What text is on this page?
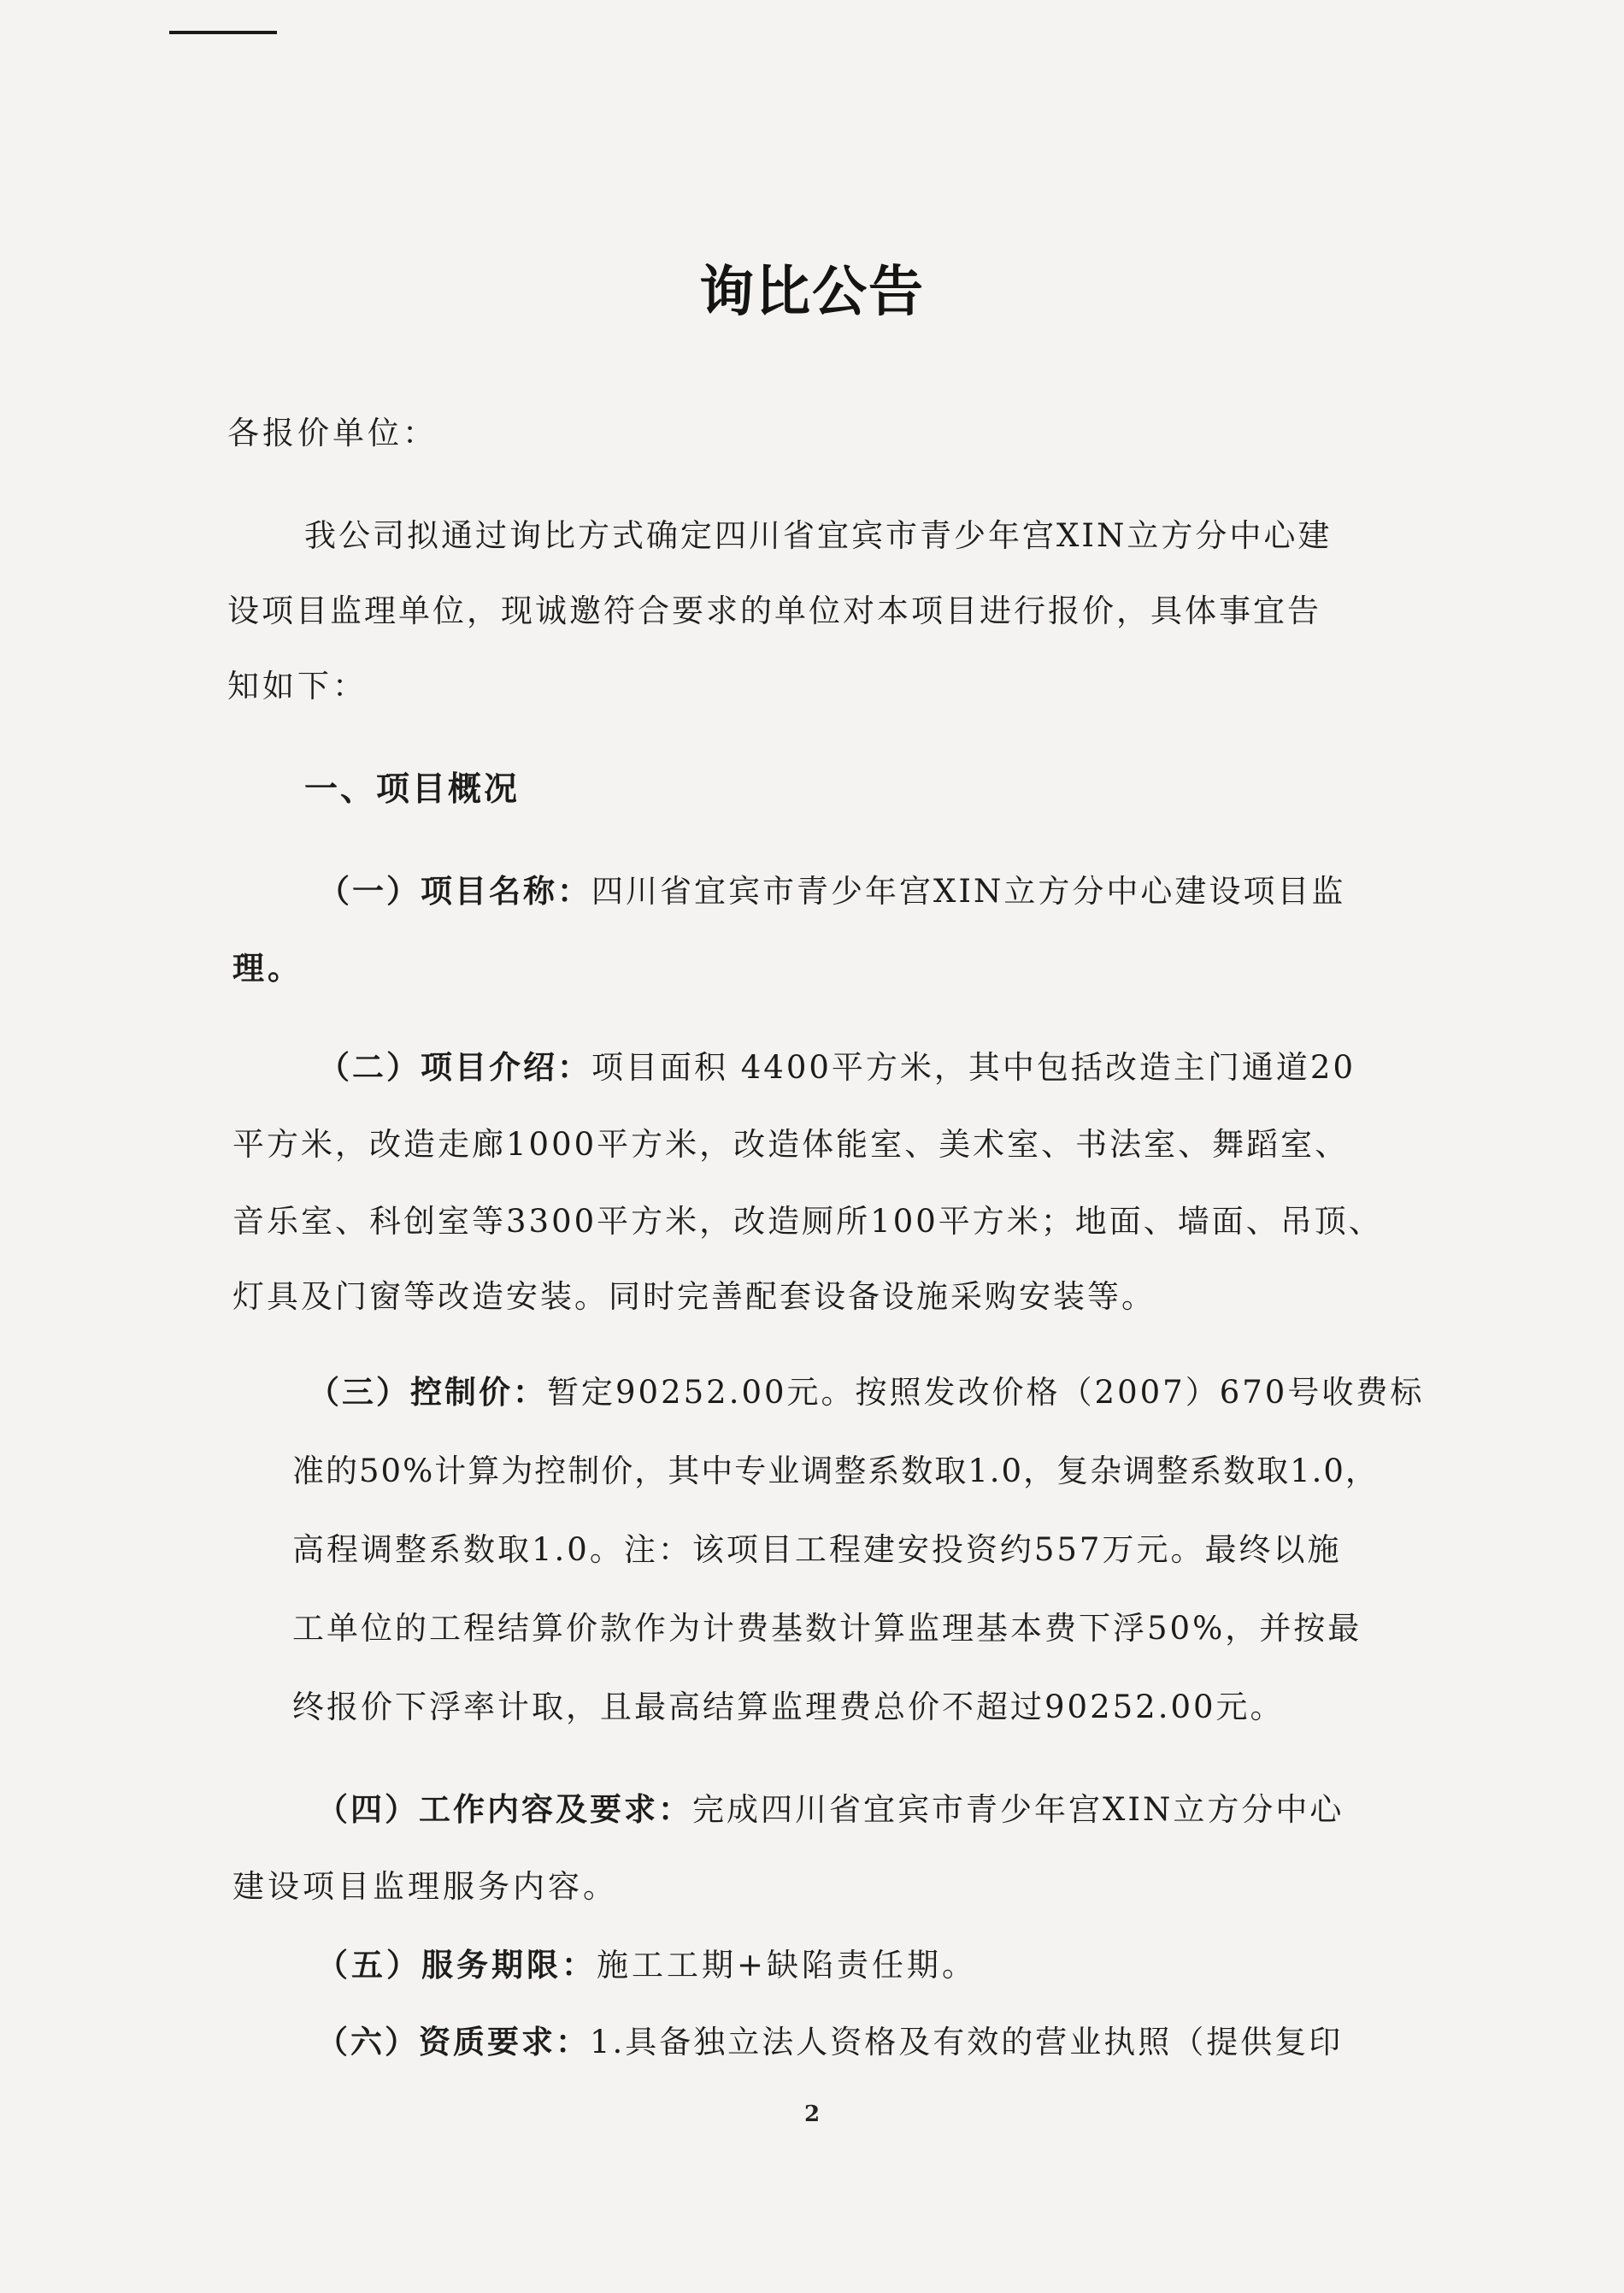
询比公告
各报价单位：
我公司拟通过询比方式确定四川省宜宾市青少年宫XIN立方分中心建
设项目监理单位，现诚邀符合要求的单位对本项目进行报价，具体事宜告
知如下：
一、项目概况
（一）项目名称：四川省宜宾市青少年宫XIN立方分中心建设项目监
理。
（二）项目介绍：项目面积 4400平方米，其中包括改造主门通道20
平方米，改造走廊1000平方米，改造体能室、美术室、书法室、舞蹈室、
音乐室、科创室等3300平方米，改造厕所100平方米；地面、墙面、吊顶、
灯具及门窗等改造安装。同时完善配套设备设施采购安装等。
（三）控制价：暂定90252.00元。按照发改价格（2007）670号收费标
准的50%计算为控制价，其中专业调整系数取1.0，复杂调整系数取1.0，
高程调整系数取1.0。注：该项目工程建安投资约557万元。最终以施
工单位的工程结算价款作为计费基数计算监理基本费下浮50%，并按最
终报价下浮率计取，且最高结算监理费总价不超过90252.00元。
（四）工作内容及要求：完成四川省宜宾市青少年宫XIN立方分中心
建设项目监理服务内容。
（五）服务期限：施工工期+缺陷责任期。
（六）资质要求：1.具备独立法人资格及有效的营业执照（提供复印
2
